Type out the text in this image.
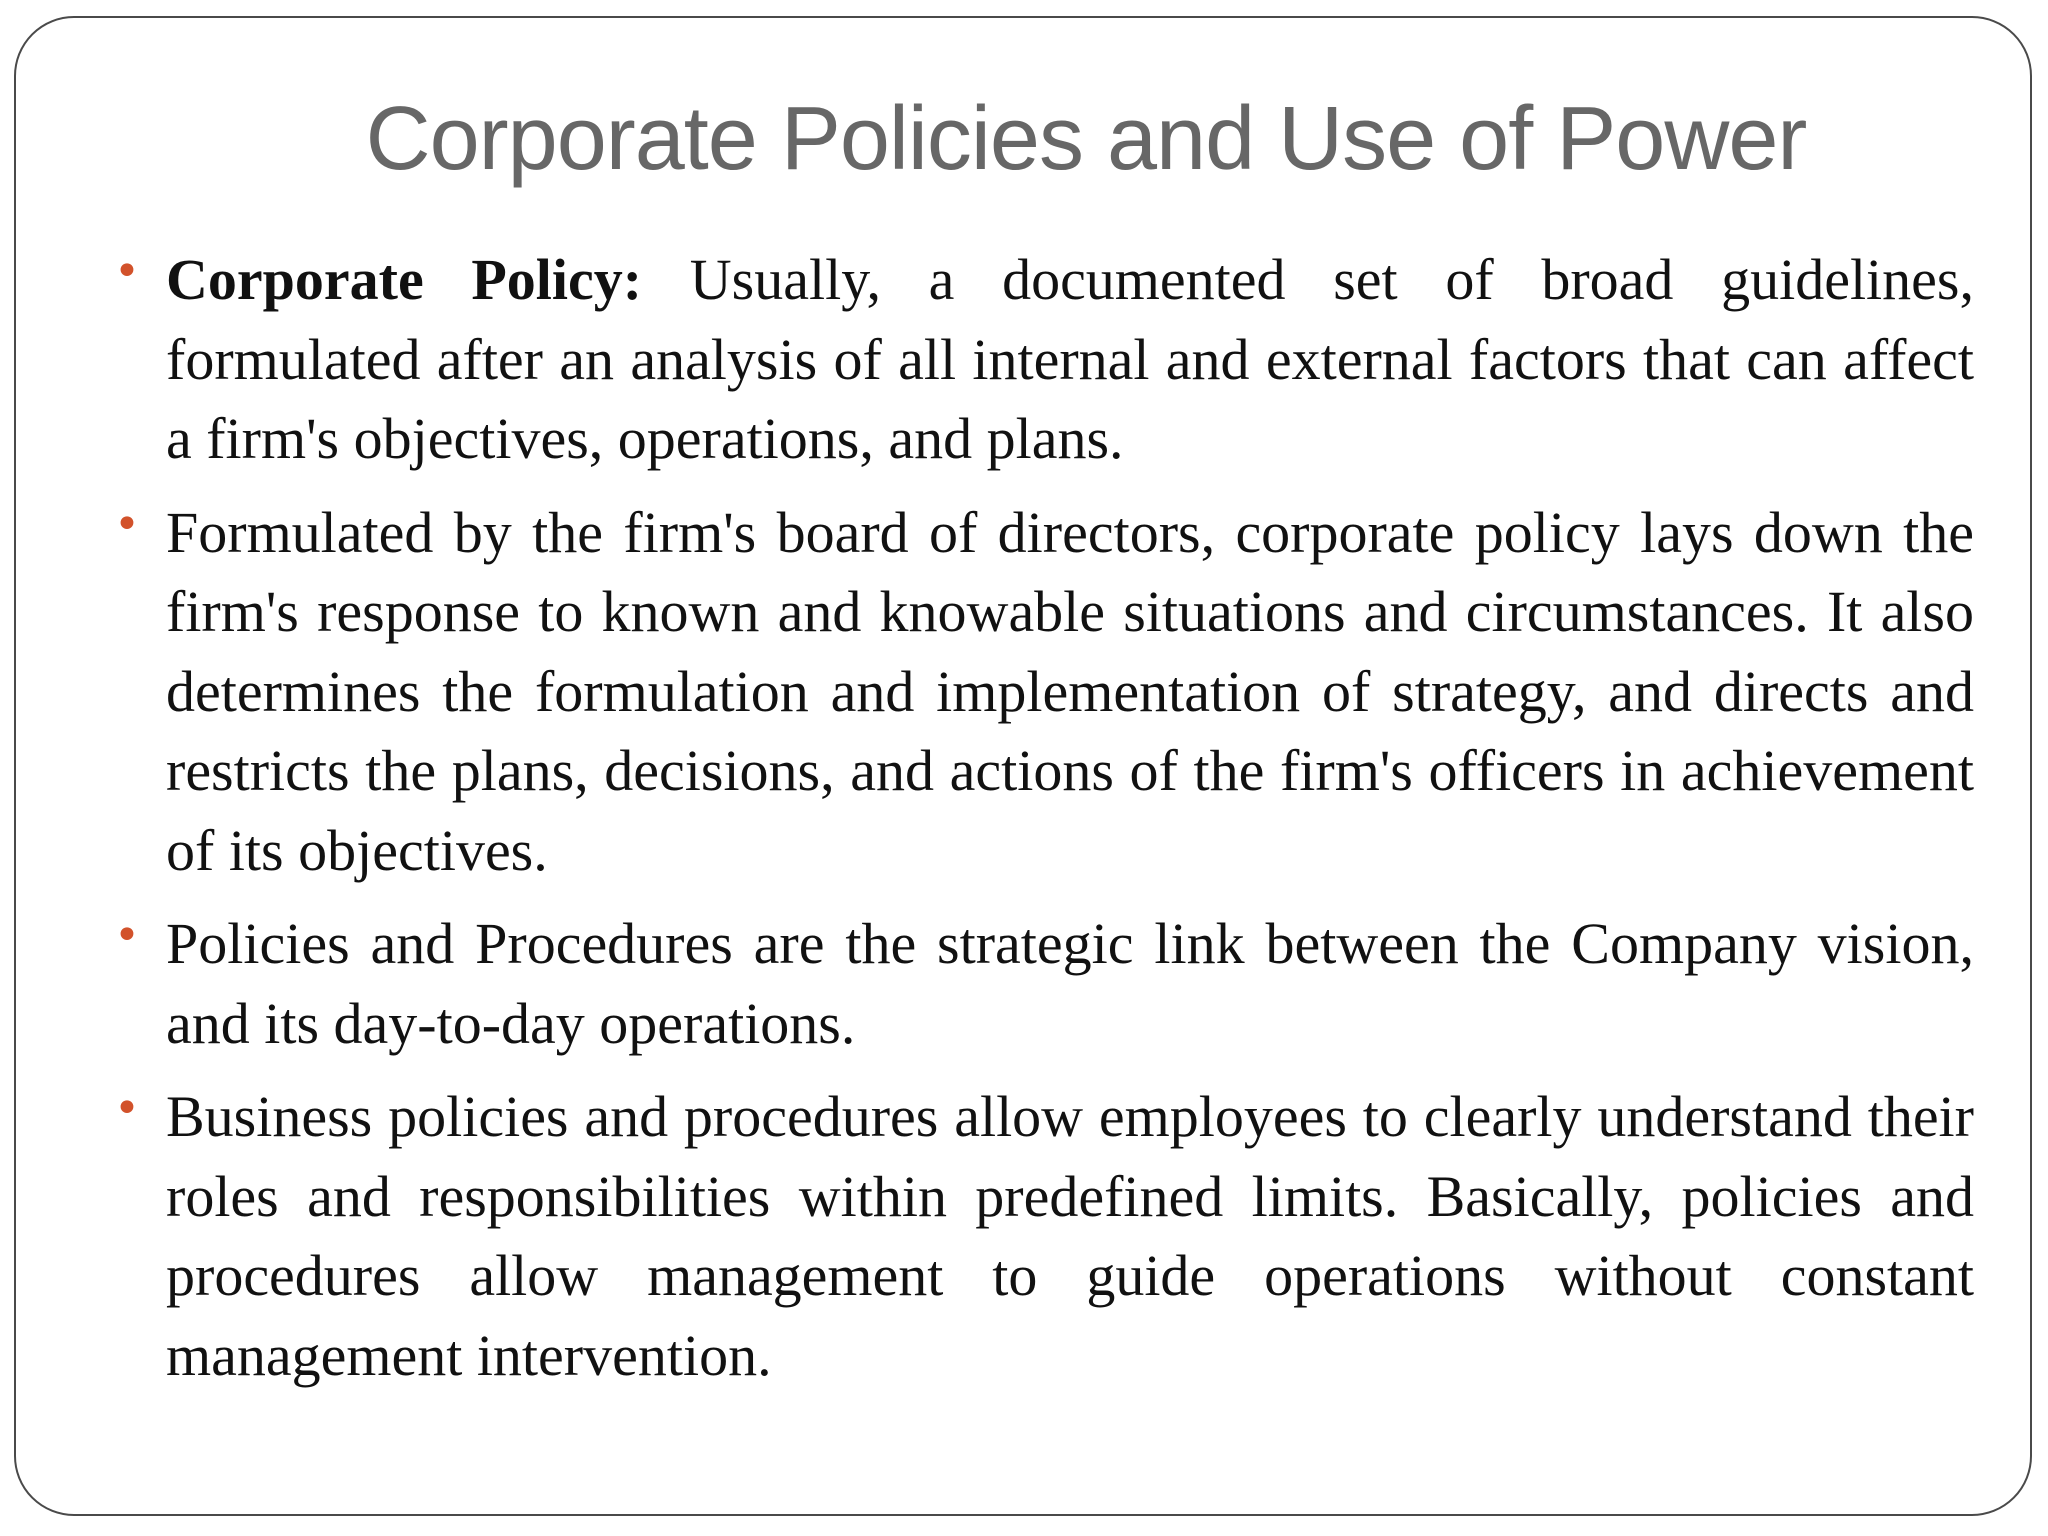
Corporate Policies and Use of Power
• Corporate Policy: Usually, a documented set of broad guidelines, formulated after an analysis of all internal and external factors that can affect a firm's objectives, operations, and plans.
• Formulated by the firm's board of directors, corporate policy lays down the firm's response to known and knowable situations and circumstances. It also determines the formulation and implementation of strategy, and directs and restricts the plans, decisions, and actions of the firm's officers in achievement of its objectives.
• Policies and Procedures are the strategic link between the Company vision, and its day-to-day operations.
• Business policies and procedures allow employees to clearly understand their roles and responsibilities within predefined limits. Basically, policies and procedures allow management to guide operations without constant management intervention.
